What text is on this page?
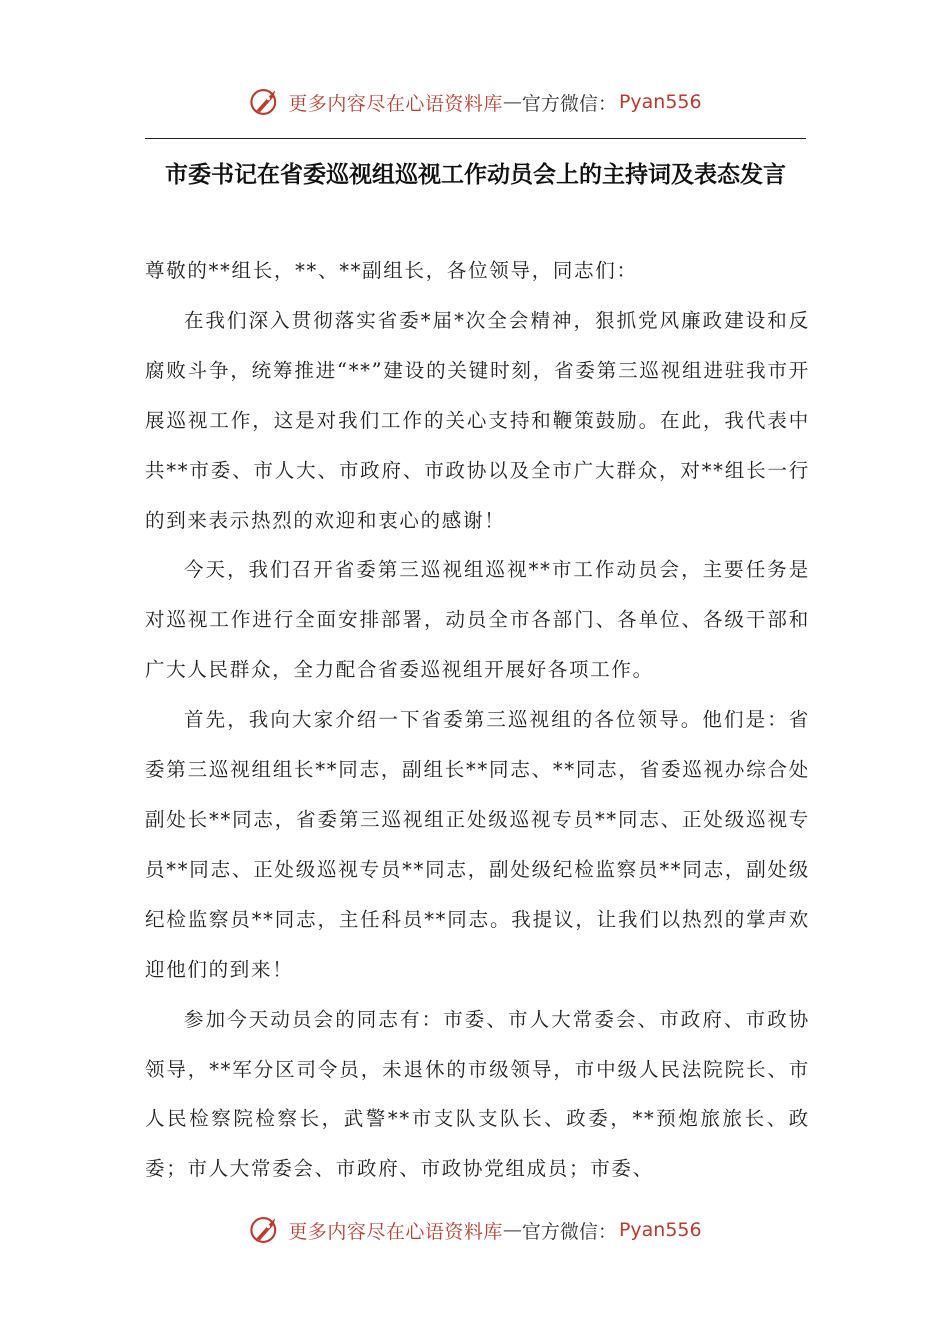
更多内容尽在心语资料库 — 官方微信： Pyan556
市委书记在省委巡视组巡视工作动员会上的主持词及表态发言

尊敬的**组长，**、**副组长，各位领导，同志们：

在我们深入贯彻落实省委*届*次全会精神，狠抓党风廉政建设和反腐败斗争，统筹推进“**”建设的关键时刻，省委第三巡视组进驻我市开展巡视工作，这是对我们工作的关心支持和鞭策鼓励。在此，我代表中共**市委、市人大、市政府、市政协以及全市广大群众，对**组长一行的到来表示热烈的欢迎和衷心的感谢！

今天，我们召开省委第三巡视组巡视**市工作动员会，主要任务是对巡视工作进行全面安排部署，动员全市各部门、各单位、各级干部和广大人民群众，全力配合省委巡视组开展好各项工作。

首先，我向大家介绍一下省委第三巡视组的各位领导。他们是：省委第三巡视组组长**同志，副组长**同志、**同志，省委巡视办综合处副处长**同志，省委第三巡视组正处级巡视专员**同志、正处级巡视专员**同志、正处级巡视专员**同志，副处级纪检监察员**同志，副处级纪检监察员**同志，主任科员**同志。我提议，让我们以热烈的掌声欢迎他们的到来！

参加今天动员会的同志有：市委、市人大常委会、市政府、市政协领导，**军分区司令员，未退休的市级领导，市中级人民法院院长、市人民检察院检察长，武警**市支队支队长、政委，**预炮旅旅长、政委；市人大常委会、市政府、市政协党组成员；市委、

更多内容尽在心语资料库 — 官方微信： Pyan556
